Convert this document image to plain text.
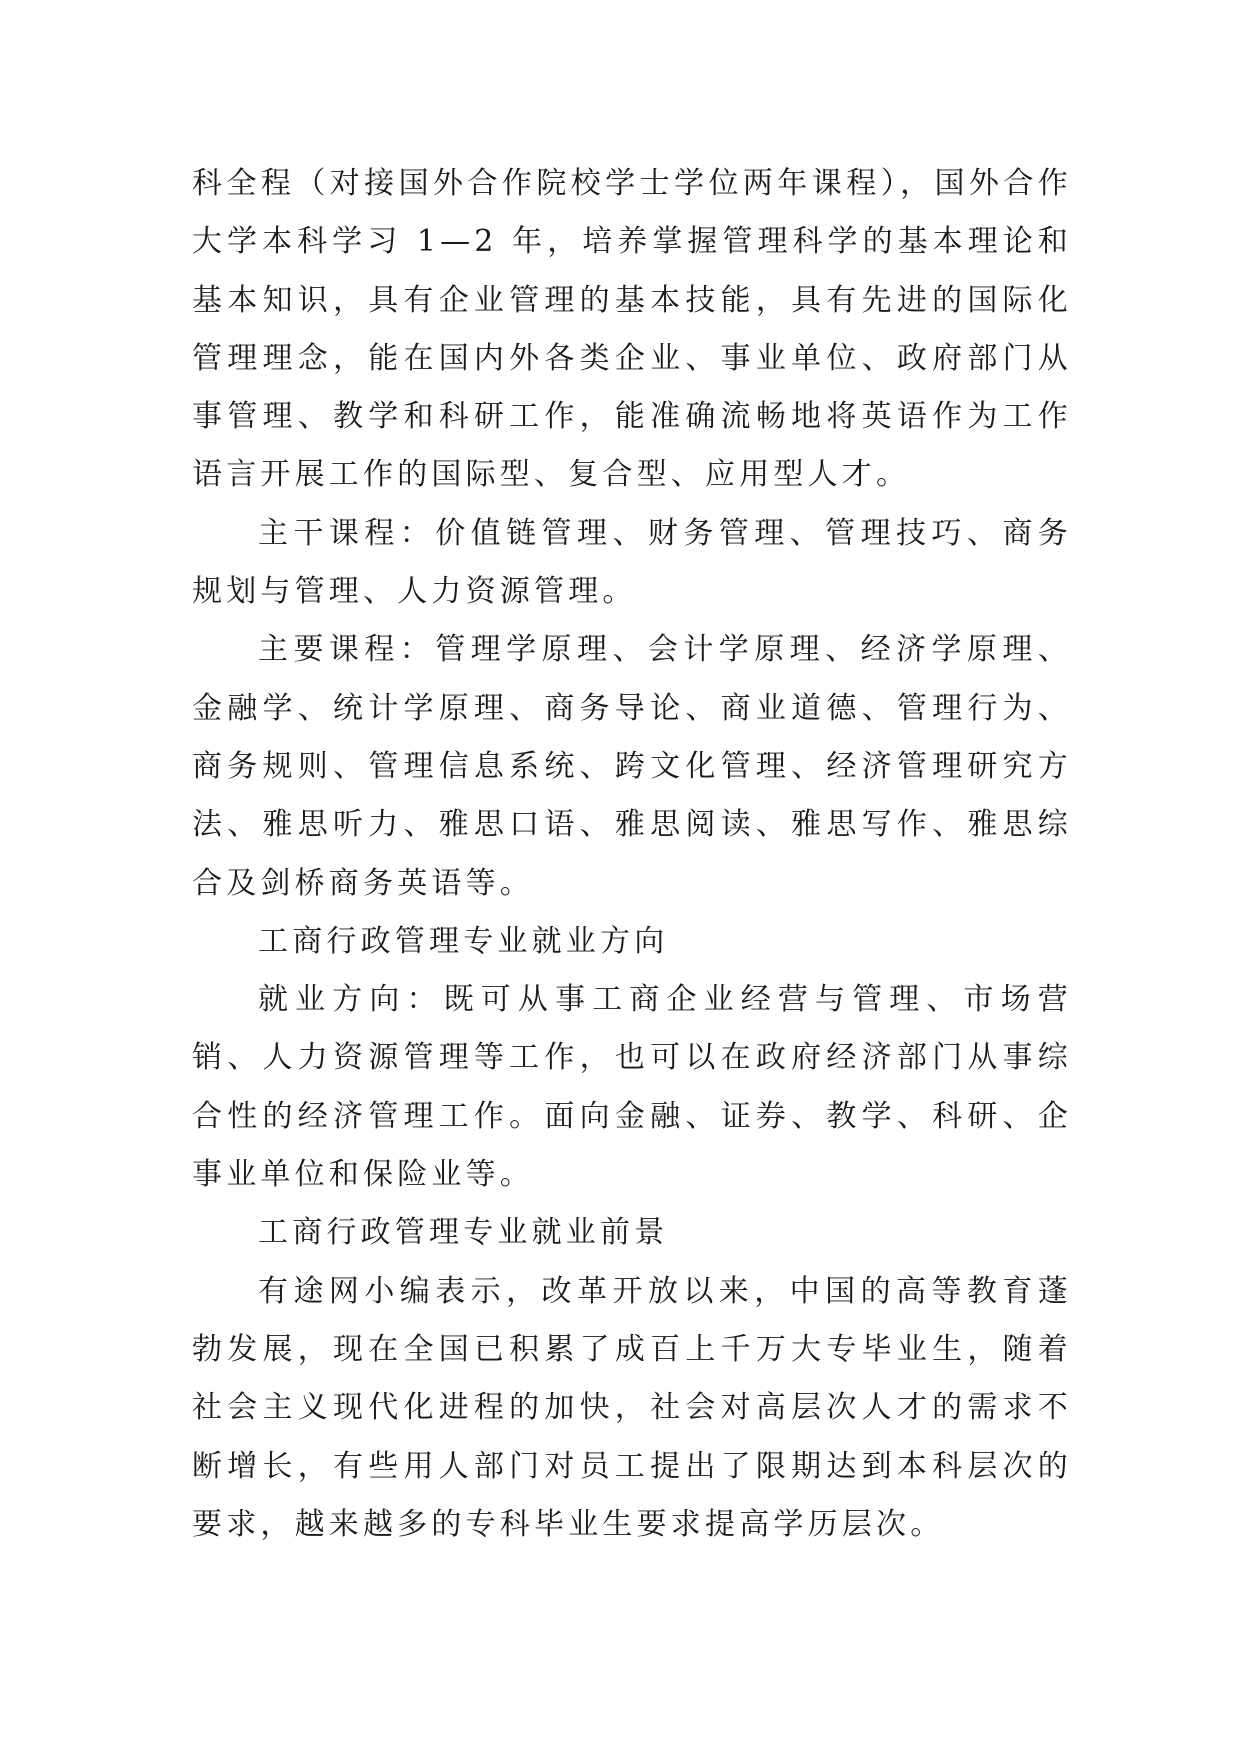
科全程（对接国外合作院校学士学位两年课程），国外合作大学本科学习 1—2 年，培养掌握管理科学的基本理论和基本知识，具有企业管理的基本技能，具有先进的国际化管理理念，能在国内外各类企业、事业单位、政府部门从事管理、教学和科研工作，能准确流畅地将英语作为工作语言开展工作的国际型、复合型、应用型人才。

主干课程：价值链管理、财务管理、管理技巧、商务规划与管理、人力资源管理。

主要课程：管理学原理、会计学原理、经济学原理、金融学、统计学原理、商务导论、商业道德、管理行为、商务规则、管理信息系统、跨文化管理、经济管理研究方法、雅思听力、雅思口语、雅思阅读、雅思写作、雅思综合及剑桥商务英语等。

工商行政管理专业就业方向

就业方向：既可从事工商企业经营与管理、市场营销、人力资源管理等工作，也可以在政府经济部门从事综合性的经济管理工作。面向金融、证券、教学、科研、企事业单位和保险业等。

工商行政管理专业就业前景

有途网小编表示，改革开放以来，中国的高等教育蓬勃发展，现在全国已积累了成百上千万大专毕业生，随着社会主义现代化进程的加快，社会对高层次人才的需求不断增长，有些用人部门对员工提出了限期达到本科层次的要求，越来越多的专科毕业生要求提高学历层次。
